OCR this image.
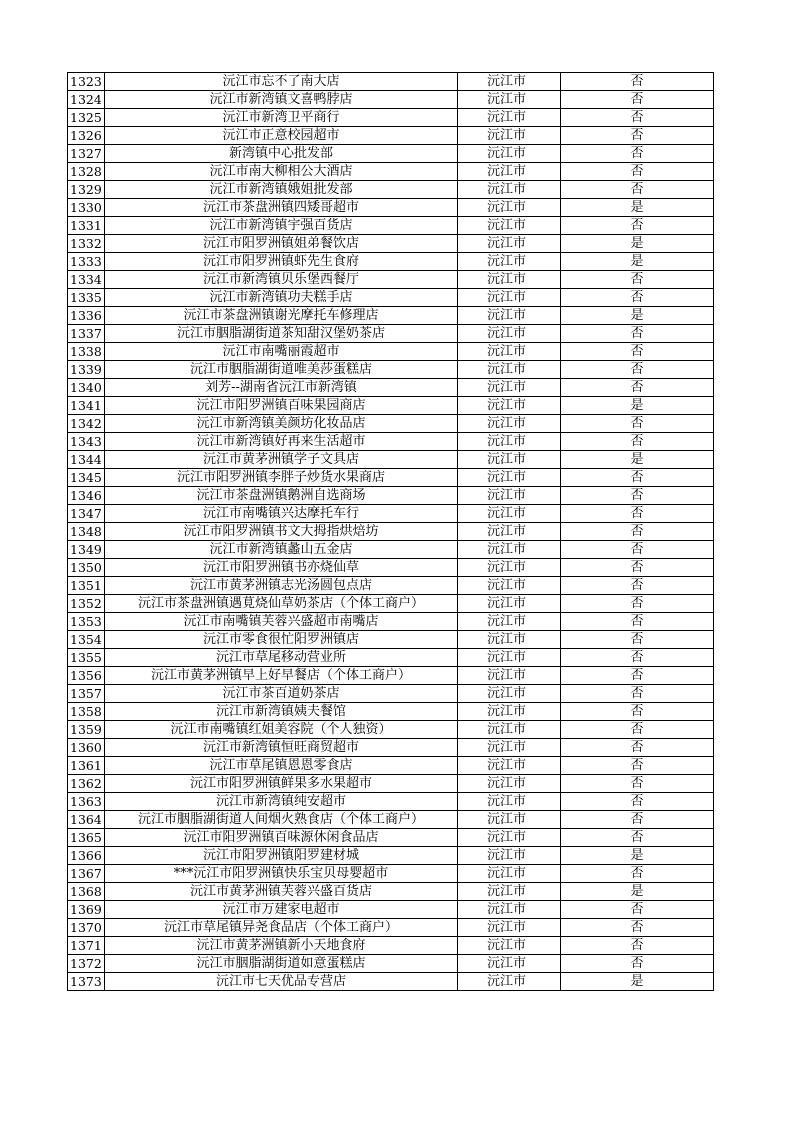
1323	沅江市忘不了南大店	沅江市	否
1324	沅江市新湾镇文喜鸭脖店	沅江市	否
1325	沅江市新湾卫平商行	沅江市	否
1326	沅江市正意校园超市	沅江市	否
1327	新湾镇中心批发部	沅江市	否
1328	沅江市南大柳相公大酒店	沅江市	否
1329	沅江市新湾镇娥姐批发部	沅江市	否
1330	沅江市茶盘洲镇四矮哥超市	沅江市	是
1331	沅江市新湾镇宇强百货店	沅江市	否
1332	沅江市阳罗洲镇姐弟餐饮店	沅江市	是
1333	沅江市阳罗洲镇虾先生食府	沅江市	是
1334	沅江市新湾镇贝乐堡西餐厅	沅江市	否
1335	沅江市新湾镇功夫糕手店	沅江市	否
1336	沅江市茶盘洲镇谢光摩托车修理店	沅江市	是
1337	沅江市胭脂湖街道茶知甜汉堡奶茶店	沅江市	否
1338	沅江市南嘴丽霞超市	沅江市	否
1339	沅江市胭脂湖街道唯美莎蛋糕店	沅江市	否
1340	刘芳--湖南省沅江市新湾镇	沅江市	否
1341	沅江市阳罗洲镇百味果园商店	沅江市	是
1342	沅江市新湾镇美颜坊化妆品店	沅江市	否
1343	沅江市新湾镇好再来生活超市	沅江市	否
1344	沅江市黄茅洲镇学子文具店	沅江市	是
1345	沅江市阳罗洲镇李胖子炒货水果商店	沅江市	否
1346	沅江市茶盘洲镇鹅洲自选商场	沅江市	否
1347	沅江市南嘴镇兴达摩托车行	沅江市	否
1348	沅江市阳罗洲镇书文大拇指烘焙坊	沅江市	否
1349	沅江市新湾镇蠡山五金店	沅江市	否
1350	沅江市阳罗洲镇书亦烧仙草	沅江市	否
1351	沅江市黄茅洲镇志光汤圆包点店	沅江市	否
1352	沅江市茶盘洲镇遇莧烧仙草奶茶店（个体工商户）	沅江市	否
1353	沅江市南嘴镇芙蓉兴盛超市南嘴店	沅江市	否
1354	沅江市零食很忙阳罗洲镇店	沅江市	否
1355	沅江市草尾移动营业所	沅江市	否
1356	沅江市黄茅洲镇早上好早餐店（个体工商户）	沅江市	否
1357	沅江市茶百道奶茶店	沅江市	否
1358	沅江市新湾镇姨夫餐馆	沅江市	否
1359	沅江市南嘴镇红姐美容院（个人独资）	沅江市	否
1360	沅江市新湾镇恒旺商贸超市	沅江市	否
1361	沅江市草尾镇恩恩零食店	沅江市	否
1362	沅江市阳罗洲镇鲜果多水果超市	沅江市	否
1363	沅江市新湾镇纯安超市	沅江市	否
1364	沅江市胭脂湖街道人间烟火熟食店（个体工商户）	沅江市	否
1365	沅江市阳罗洲镇百味源休闲食品店	沅江市	否
1366	沅江市阳罗洲镇阳罗建材城	沅江市	是
1367	***沅江市阳罗洲镇快乐宝贝母婴超市	沅江市	否
1368	沅江市黄茅洲镇芙蓉兴盛百货店	沅江市	是
1369	沅江市万建家电超市	沅江市	否
1370	沅江市草尾镇异尧食品店（个体工商户）	沅江市	否
1371	沅江市黄茅洲镇新小天地食府	沅江市	否
1372	沅江市胭脂湖街道如意蛋糕店	沅江市	否
1373	沅江市七天优品专营店	沅江市	是
